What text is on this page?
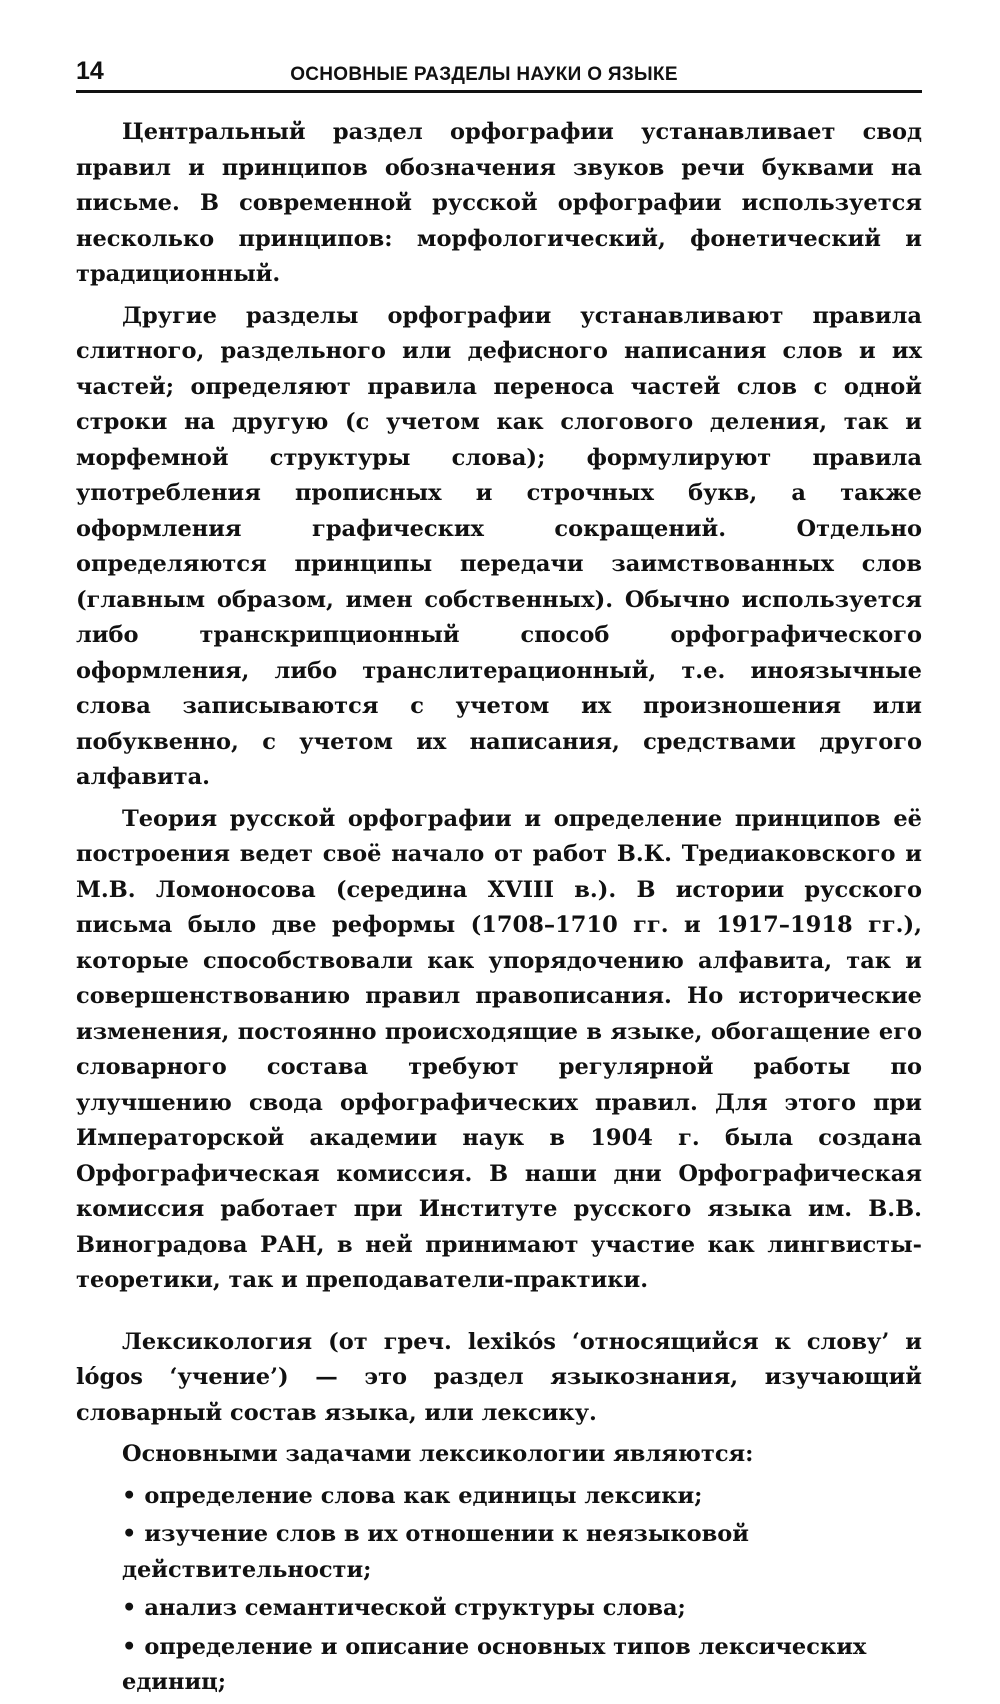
14	ОСНОВНЫЕ РАЗДЕЛЫ НАУКИ О ЯЗЫКЕ

Центральный раздел орфографии устанавливает свод правил и принципов обозначения звуков речи буквами на письме. В современной русской орфографии используется несколько принципов: морфологический, фонетический и традиционный.

Другие разделы орфографии устанавливают правила слитного, раздельного или дефисного написания слов и их частей; определяют правила переноса частей слов с одной строки на другую (с учетом как слогового деления, так и морфемной структуры слова); формулируют правила употребления прописных и строчных букв, а также оформления графических сокращений. Отдельно определяются принципы передачи заимствованных слов (главным образом, имен собственных). Обычно используется либо транскрипционный способ орфографического оформления, либо транслитерационный, т.е. иноязычные слова записываются с учетом их произношения или побуквенно, с учетом их написания, средствами другого алфавита.

Теория русской орфографии и определение принципов её построения ведет своё начало от работ В.К. Тредиаковского и М.В. Ломоносова (середина XVIII в.). В истории русского письма было две реформы (1708–1710 гг. и 1917–1918 гг.), которые способствовали как упорядочению алфавита, так и совершенствованию правил правописания. Но исторические изменения, постоянно происходящие в языке, обогащение его словарного состава требуют регулярной работы по улучшению свода орфографических правил. Для этого при Императорской академии наук в 1904 г. была создана Орфографическая комиссия. В наши дни Орфографическая комиссия работает при Институте русского языка им. В.В. Виноградова РАН, в ней принимают участие как лингвисты-теоретики, так и преподаватели-практики.

Лексикология (от греч. lexikós ‘относящийся к слову’ и lógos ‘учение’) — это раздел языкознания, изучающий словарный состав языка, или лексику.

Основными задачами лексикологии являются:

• определение слова как единицы лексики;
• изучение слов в их отношении к неязыковой действительности;
• анализ семантической структуры слова;
• определение и описание основных типов лексических единиц;
